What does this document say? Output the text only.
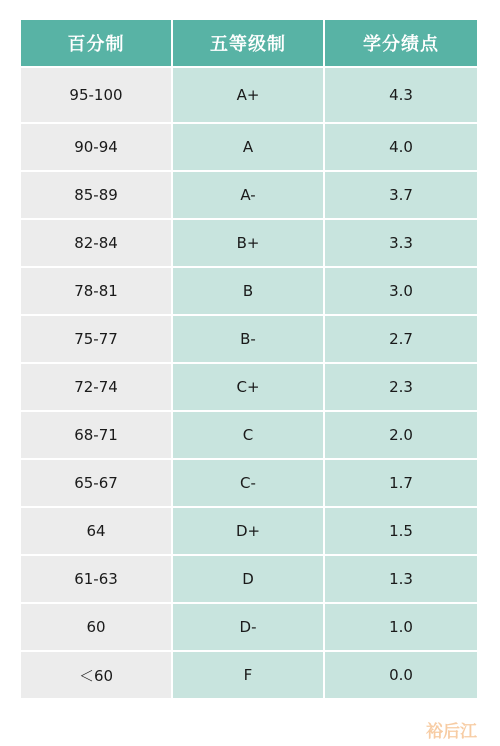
百分制	五等级制	学分绩点
95-100	A+	4.3
90-94	A	4.0
85-89	A-	3.7
82-84	B+	3.3
78-81	B	3.0
75-77	B-	2.7
72-74	C+	2.3
68-71	C	2.0
65-67	C-	1.7
64	D+	1.5
61-63	D	1.3
60	D-	1.0
＜60	F	0.0
裕后江
